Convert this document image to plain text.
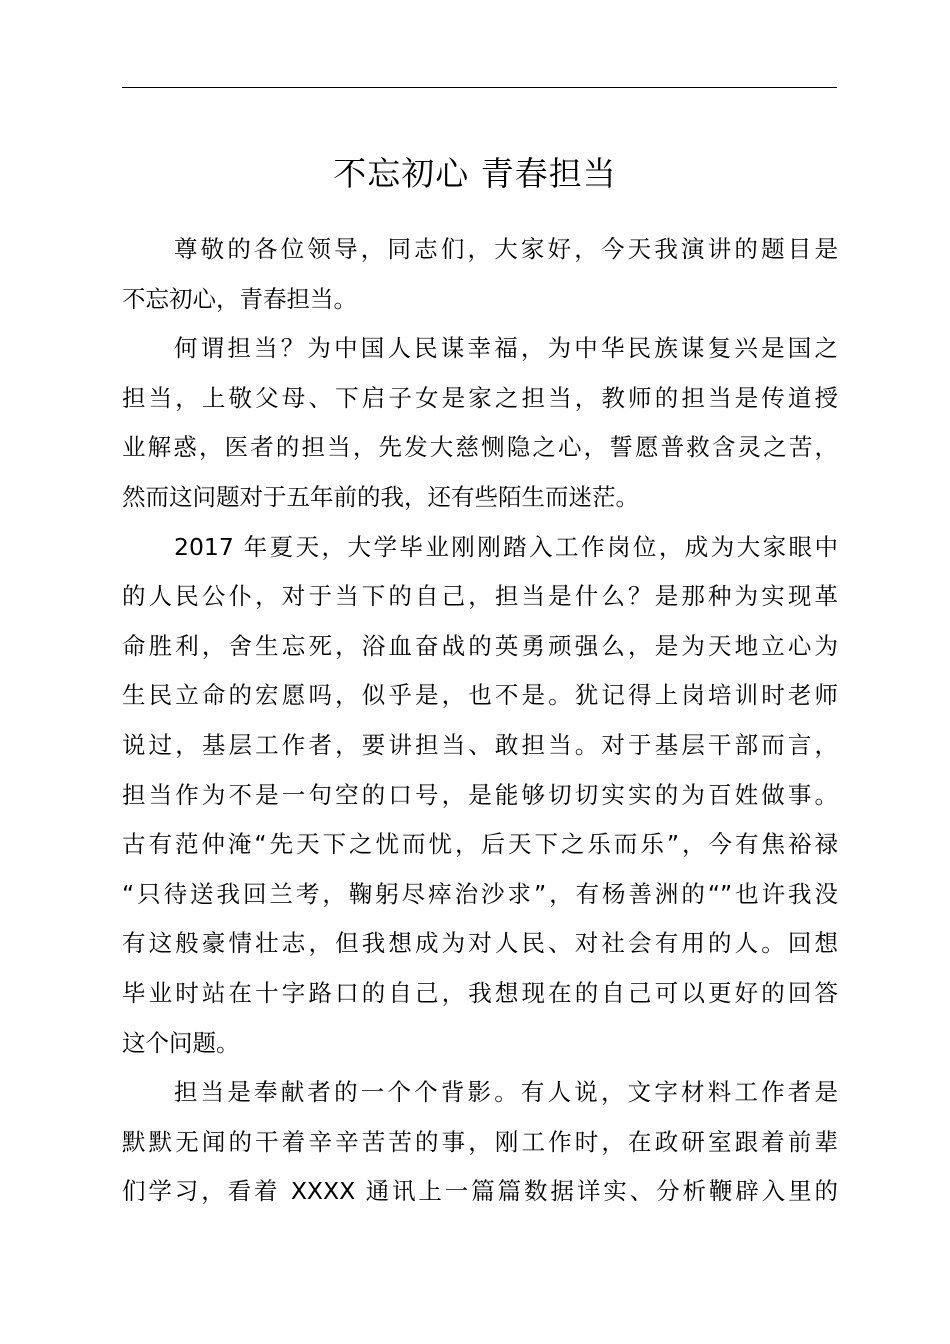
不忘初心 青春担当
尊敬的各位领导，同志们，大家好，今天我演讲的题目是
不忘初心，青春担当。
何谓担当？为中国人民谋幸福，为中华民族谋复兴是国之
担当，上敬父母、下启子女是家之担当，教师的担当是传道授
业解惑，医者的担当，先发大慈恻隐之心，誓愿普救含灵之苦，
然而这问题对于五年前的我，还有些陌生而迷茫。
2017 年夏天，大学毕业刚刚踏入工作岗位，成为大家眼中
的人民公仆，对于当下的自己，担当是什么？是那种为实现革
命胜利，舍生忘死，浴血奋战的英勇顽强么，是为天地立心为
生民立命的宏愿吗，似乎是，也不是。犹记得上岗培训时老师
说过，基层工作者，要讲担当、敢担当。对于基层干部而言，
担当作为不是一句空的口号，是能够切切实实的为百姓做事。
古有范仲淹“先天下之忧而忧，后天下之乐而乐”，今有焦裕禄
“只待送我回兰考，鞠躬尽瘁治沙求”，有杨善洲的“”也许我没
有这般豪情壮志，但我想成为对人民、对社会有用的人。回想
毕业时站在十字路口的自己，我想现在的自己可以更好的回答
这个问题。
担当是奉献者的一个个背影。有人说，文字材料工作者是
默默无闻的干着辛辛苦苦的事，刚工作时，在政研室跟着前辈
们学习，看着 XXXX 通讯上一篇篇数据详实、分析鞭辟入里的
